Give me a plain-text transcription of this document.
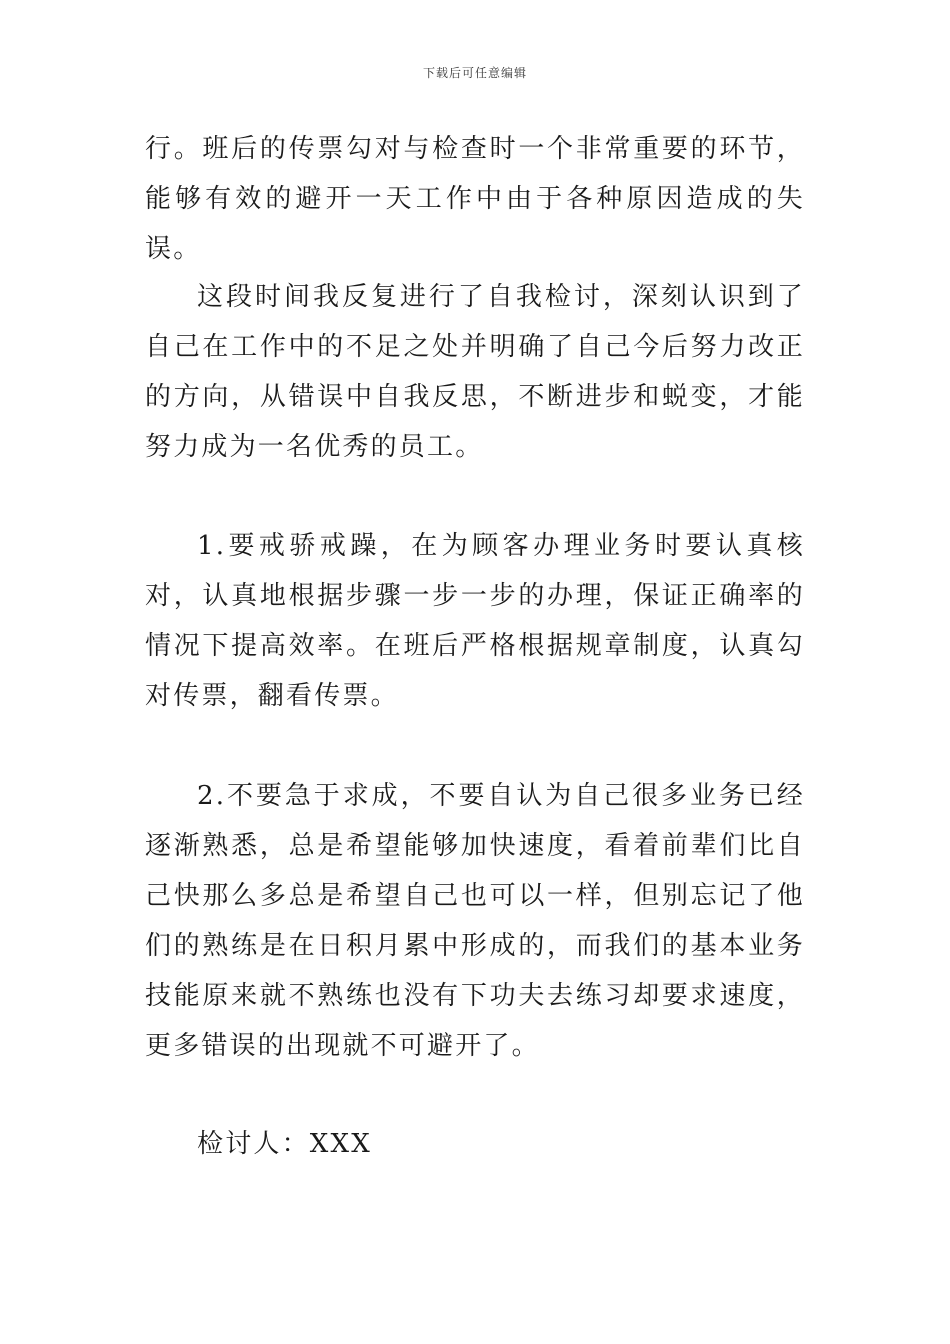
下载后可任意编辑

行。班后的传票勾对与检查时一个非常重要的环节，能够有效的避开一天工作中由于各种原因造成的失误。

这段时间我反复进行了自我检讨，深刻认识到了自己在工作中的不足之处并明确了自己今后努力改正的方向，从错误中自我反思，不断进步和蜕变，才能努力成为一名优秀的员工。

1.要戒骄戒躁，在为顾客办理业务时要认真核对，认真地根据步骤一步一步的办理，保证正确率的情况下提高效率。在班后严格根据规章制度，认真勾对传票，翻看传票。

2.不要急于求成，不要自认为自己很多业务已经逐渐熟悉，总是希望能够加快速度，看着前辈们比自己快那么多总是希望自己也可以一样，但别忘记了他们的熟练是在日积月累中形成的，而我们的基本业务技能原来就不熟练也没有下功夫去练习却要求速度，更多错误的出现就不可避开了。

检讨人：XXX
